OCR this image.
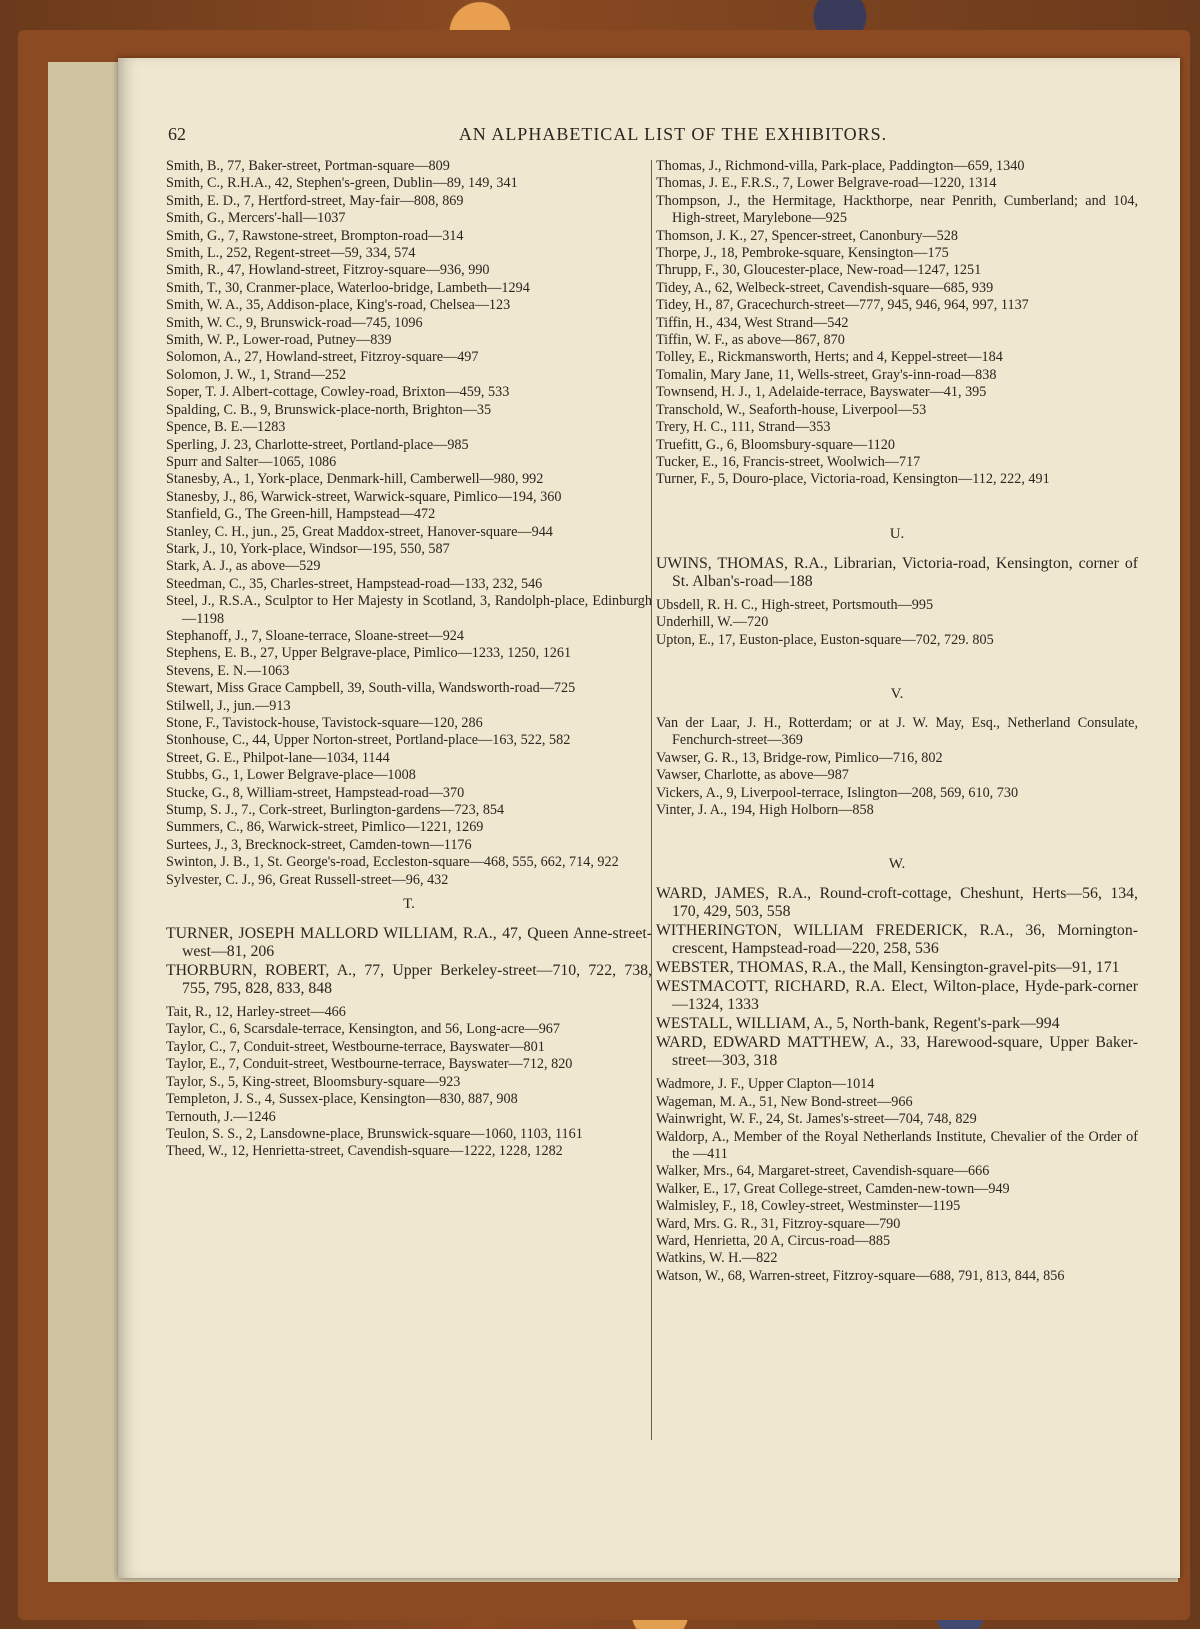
62	AN ALPHABETICAL LIST OF THE EXHIBITORS.
Smith, B., 77, Baker-street, Portman-square—809
Smith, C., R.H.A., 42, Stephen's-green, Dublin—89, 149, 341
Smith, E. D., 7, Hertford-street, May-fair—808, 869
Smith, G., Mercers'-hall—1037
Smith, G., 7, Rawstone-street, Brompton-road—314
Smith, L., 252, Regent-street—59, 334, 574
Smith, R., 47, Howland-street, Fitzroy-square—936, 990
Smith, T., 30, Cranmer-place, Waterloo-bridge, Lambeth—1294
Smith, W. A., 35, Addison-place, King's-road, Chelsea—123
Smith, W. C., 9, Brunswick-road—745, 1096
Smith, W. P., Lower-road, Putney—839
Solomon, A., 27, Howland-street, Fitzroy-square—497
Solomon, J. W., 1, Strand—252
Soper, T. J. Albert-cottage, Cowley-road, Brixton—459, 533
Spalding, C. B., 9, Brunswick-place-north, Brighton—35
Spence, B. E.—1283
Sperling, J. 23, Charlotte-street, Portland-place—985
Spurr and Salter—1065, 1086
Stanesby, A., 1, York-place, Denmark-hill, Camberwell—980, 992
Stanesby, J., 86, Warwick-street, Warwick-square, Pimlico—194, 360
Stanfield, G., The Green-hill, Hampstead—472
Stanley, C. H., jun., 25, Great Maddox-street, Hanover-square—944
Stark, J., 10, York-place, Windsor—195, 550, 587
Stark, A. J., as above—529
Steedman, C., 35, Charles-street, Hampstead-road—133, 232, 546
Steel, J., R.S.A., Sculptor to Her Majesty in Scotland, 3, Randolph-place, Edinburgh—1198
Stephanoff, J., 7, Sloane-terrace, Sloane-street—924
Stephens, E. B., 27, Upper Belgrave-place, Pimlico—1233, 1250, 1261
Stevens, E. N.—1063
Stewart, Miss Grace Campbell, 39, South-villa, Wandsworth-road—725
Stilwell, J., jun.—913
Stone, F., Tavistock-house, Tavistock-square—120, 286
Stonhouse, C., 44, Upper Norton-street, Portland-place—163, 522, 582
Street, G. E., Philpot-lane—1034, 1144
Stubbs, G., 1, Lower Belgrave-place—1008
Stucke, G., 8, William-street, Hampstead-road—370
Stump, S. J., 7., Cork-street, Burlington-gardens—723, 854
Summers, C., 86, Warwick-street, Pimlico—1221, 1269
Surtees, J., 3, Brecknock-street, Camden-town—1176
Swinton, J. B., 1, St. George's-road, Eccleston-square—468, 555, 662, 714, 922
Sylvester, C. J., 96, Great Russell-street—96, 432
T.
TURNER, JOSEPH MALLORD WILLIAM, R.A., 47, Queen Anne-street-west—81, 206
THORBURN, ROBERT, A., 77, Upper Berkeley-street—710, 722, 738, 755, 795, 828, 833, 848
Tait, R., 12, Harley-street—466
Taylor, C., 6, Scarsdale-terrace, Kensington, and 56, Long-acre—967
Taylor, C., 7, Conduit-street, Westbourne-terrace, Bayswater—801
Taylor, E., 7, Conduit-street, Westbourne-terrace, Bayswater—712, 820
Taylor, S., 5, King-street, Bloomsbury-square—923
Templeton, J. S., 4, Sussex-place, Kensington—830, 887, 908
Ternouth, J.—1246
Teulon, S. S., 2, Lansdowne-place, Brunswick-square—1060, 1103, 1161
Theed, W., 12, Henrietta-street, Cavendish-square—1222, 1228, 1282
Thomas, J., Richmond-villa, Park-place, Paddington—659, 1340
Thomas, J. E., F.R.S., 7, Lower Belgrave-road—1220, 1314
Thompson, J., the Hermitage, Hackthorpe, near Penrith, Cumberland; and 104, High-street, Marylebone—925
Thomson, J. K., 27, Spencer-street, Canonbury—528
Thorpe, J., 18, Pembroke-square, Kensington—175
Thrupp, F., 30, Gloucester-place, New-road—1247, 1251
Tidey, A., 62, Welbeck-street, Cavendish-square—685, 939
Tidey, H., 87, Gracechurch-street—777, 945, 946, 964, 997, 1137
Tiffin, H., 434, West Strand—542
Tiffin, W. F., as above—867, 870
Tolley, E., Rickmansworth, Herts; and 4, Keppel-street—184
Tomalin, Mary Jane, 11, Wells-street, Gray's-inn-road—838
Townsend, H. J., 1, Adelaide-terrace, Bayswater—41, 395
Transchold, W., Seaforth-house, Liverpool—53
Trery, H. C., 111, Strand—353
Truefitt, G., 6, Bloomsbury-square—1120
Tucker, E., 16, Francis-street, Woolwich—717
Turner, F., 5, Douro-place, Victoria-road, Kensington—112, 222, 491
U.
UWINS, THOMAS, R.A., Librarian, Victoria-road, Kensington, corner of St. Alban's-road—188
Ubsdell, R. H. C., High-street, Portsmouth—995
Underhill, W.—720
Upton, E., 17, Euston-place, Euston-square—702, 729. 805
V.
Van der Laar, J. H., Rotterdam; or at J. W. May, Esq., Netherland Consulate, Fenchurch-street—369
Vawser, G. R., 13, Bridge-row, Pimlico—716, 802
Vawser, Charlotte, as above—987
Vickers, A., 9, Liverpool-terrace, Islington—208, 569, 610, 730
Vinter, J. A., 194, High Holborn—858
W.
WARD, JAMES, R.A., Round-croft-cottage, Cheshunt, Herts—56, 134, 170, 429, 503, 558
WITHERINGTON, WILLIAM FREDERICK, R.A., 36, Mornington-crescent, Hampstead-road—220, 258, 536
WEBSTER, THOMAS, R.A., the Mall, Kensington-gravel-pits—91, 171
WESTMACOTT, RICHARD, R.A. Elect, Wilton-place, Hyde-park-corner—1324, 1333
WESTALL, WILLIAM, A., 5, North-bank, Regent's-park—994
WARD, EDWARD MATTHEW, A., 33, Harewood-square, Upper Baker-street—303, 318
Wadmore, J. F., Upper Clapton—1014
Wageman, M. A., 51, New Bond-street—966
Wainwright, W. F., 24, St. James's-street—704, 748, 829
Waldorp, A., Member of the Royal Netherlands Institute, Chevalier of the Order of the —411
Walker, Mrs., 64, Margaret-street, Cavendish-square—666
Walker, E., 17, Great College-street, Camden-new-town—949
Walmisley, F., 18, Cowley-street, Westminster—1195
Ward, Mrs. G. R., 31, Fitzroy-square—790
Ward, Henrietta, 20 A, Circus-road—885
Watkins, W. H.—822
Watson, W., 68, Warren-street, Fitzroy-square—688, 791, 813, 844, 856
